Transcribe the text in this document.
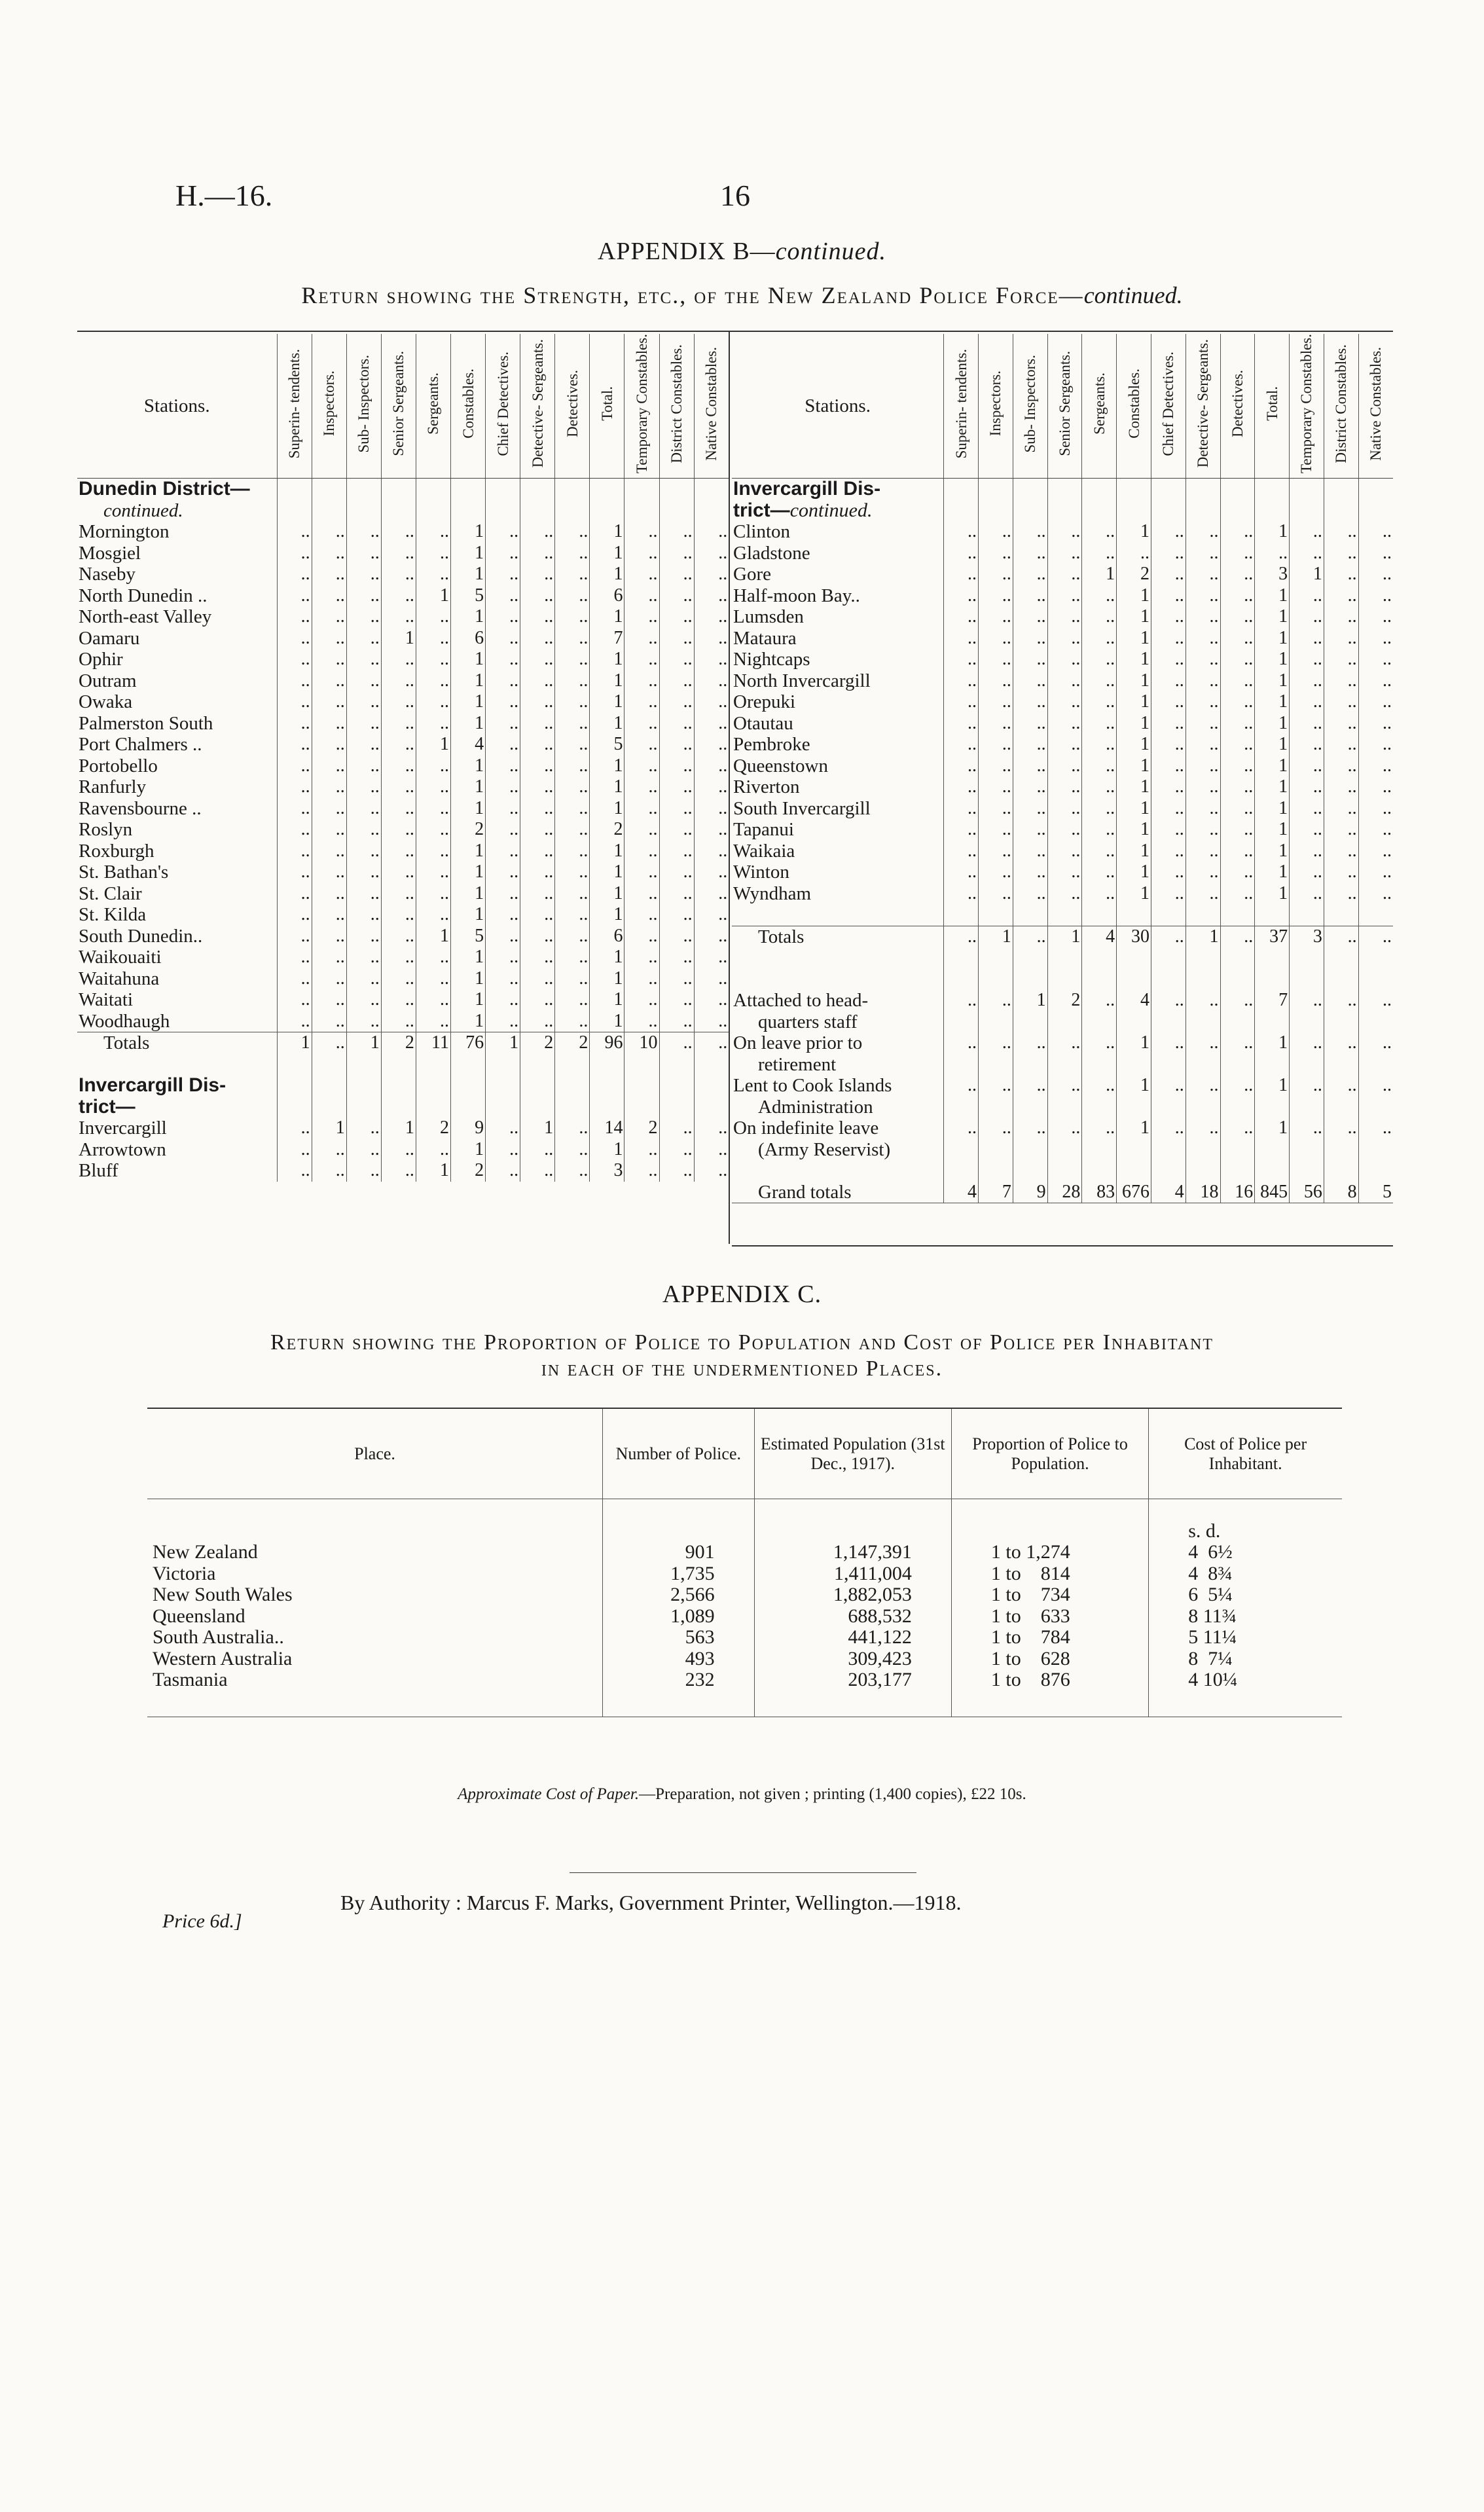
H.—16.	16
APPENDIX B—continued.
Return showing the Strength, etc., of the New Zealand Police Force—continued.
Stations.	Superin- tendents.	Inspectors.	Sub- Inspectors.	Senior Sergeants.	Sergeants.	Constables.	Chief Detectives.	Detective- Sergeants.	Detectives.	Total.	Temporary Constables.	District Constables.	Native Constables.
Dunedin District—													
continued.													
Mornington	..	..	..	..	..	1	..	..	..	1	..	..	..
Mosgiel	..	..	..	..	..	1	..	..	..	1	..	..	..
Naseby	..	..	..	..	..	1	..	..	..	1	..	..	..
North Dunedin ..	..	..	..	..	1	5	..	..	..	6	..	..	..
North-east Valley	..	..	..	..	..	1	..	..	..	1	..	..	..
Oamaru	..	..	..	1	..	6	..	..	..	7	..	..	..
Ophir	..	..	..	..	..	1	..	..	..	1	..	..	..
Outram	..	..	..	..	..	1	..	..	..	1	..	..	..
Owaka	..	..	..	..	..	1	..	..	..	1	..	..	..
Palmerston South	..	..	..	..	..	1	..	..	..	1	..	..	..
Port Chalmers ..	..	..	..	..	1	4	..	..	..	5	..	..	..
Portobello	..	..	..	..	..	1	..	..	..	1	..	..	..
Ranfurly	..	..	..	..	..	1	..	..	..	1	..	..	..
Ravensbourne ..	..	..	..	..	..	1	..	..	..	1	..	..	..
Roslyn	..	..	..	..	..	2	..	..	..	2	..	..	..
Roxburgh	..	..	..	..	..	1	..	..	..	1	..	..	..
St. Bathan's	..	..	..	..	..	1	..	..	..	1	..	..	..
St. Clair	..	..	..	..	..	1	..	..	..	1	..	..	..
St. Kilda	..	..	..	..	..	1	..	..	..	1	..	..	..
South Dunedin..	..	..	..	..	1	5	..	..	..	6	..	..	..
Waikouaiti	..	..	..	..	..	1	..	..	..	1	..	..	..
Waitahuna	..	..	..	..	..	1	..	..	..	1	..	..	..
Waitati	..	..	..	..	..	1	..	..	..	1	..	..	..
Woodhaugh	..	..	..	..	..	1	..	..	..	1	..	..	..
Totals	1	..	1	2	11	76	1	2	2	96	10	..	..

Invercargill Dis-													
trict—													
Invercargill	..	1	..	1	2	9	..	1	..	14	2	..	..
Arrowtown	..	..	..	..	..	1	..	..	..	1	..	..	..
Bluff	..	..	..	..	1	2	..	..	..	3	..	..	..
Stations.	Superin- tendents.	Inspectors.	Sub- Inspectors.	Senior Sergeants.	Sergeants.	Constables.	Chief Detectives.	Detective- Sergeants.	Detectives.	Total.	Temporary Constables.	District Constables.	Native Constables.
Invercargill Dis-													
trict—continued.													
Clinton	..	..	..	..	..	1	..	..	..	1	..	..	..
Gladstone	..	..	..	..	..	..	..	..	..	..	..	..	..
Gore	..	..	..	..	1	2	..	..	..	3	1	..	..
Half-moon Bay..	..	..	..	..	..	1	..	..	..	1	..	..	..
Lumsden	..	..	..	..	..	1	..	..	..	1	..	..	..
Mataura	..	..	..	..	..	1	..	..	..	1	..	..	..
Nightcaps	..	..	..	..	..	1	..	..	..	1	..	..	..
North Invercargill	..	..	..	..	..	1	..	..	..	1	..	..	..
Orepuki	..	..	..	..	..	1	..	..	..	1	..	..	..
Otautau	..	..	..	..	..	1	..	..	..	1	..	..	..
Pembroke	..	..	..	..	..	1	..	..	..	1	..	..	..
Queenstown	..	..	..	..	..	1	..	..	..	1	..	..	..
Riverton	..	..	..	..	..	1	..	..	..	1	..	..	..
South Invercargill	..	..	..	..	..	1	..	..	..	1	..	..	..
Tapanui	..	..	..	..	..	1	..	..	..	1	..	..	..
Waikaia	..	..	..	..	..	1	..	..	..	1	..	..	..
Winton	..	..	..	..	..	1	..	..	..	1	..	..	..
Wyndham	..	..	..	..	..	1	..	..	..	1	..	..	..

Totals	..	1	..	1	4	30	..	1	..	37	3	..	..

Attached to head-	..	..	1	2	..	4	..	..	..	7	..	..	..
quarters staff													
On leave prior to	..	..	..	..	..	1	..	..	..	1	..	..	..
retirement													
Lent to Cook Islands	..	..	..	..	..	1	..	..	..	1	..	..	..
Administration													
On indefinite leave	..	..	..	..	..	1	..	..	..	1	..	..	..
(Army Reservist)													

Grand totals	4	7	9	28	83	676	4	18	16	845	56	8	5
APPENDIX C.
Return showing the Proportion of Police to Population and Cost of Police per Inhabitant
in each of the undermentioned Places.
Place.	Number of Police.	Estimated Population (31st Dec., 1917).	Proportion of Police to Population.	Cost of Police per Inhabitant.

				s. d.
New Zealand	901	1,147,391	1 to 1,274	4  6½
Victoria	1,735	1,411,004	1 to    814	4  8¾
New South Wales	2,566	1,882,053	1 to    734	6  5¼
Queensland	1,089	688,532	1 to    633	8 11¾
South Australia..	563	441,122	1 to    784	5 11¼
Western Australia	493	309,423	1 to    628	8  7¼
Tasmania	232	203,177	1 to    876	4 10¼

Approximate Cost of Paper.—Preparation, not given ; printing (1,400 copies), £22 10s.
By Authority : Marcus F. Marks, Government Printer, Wellington.—1918.
Price 6d.]
